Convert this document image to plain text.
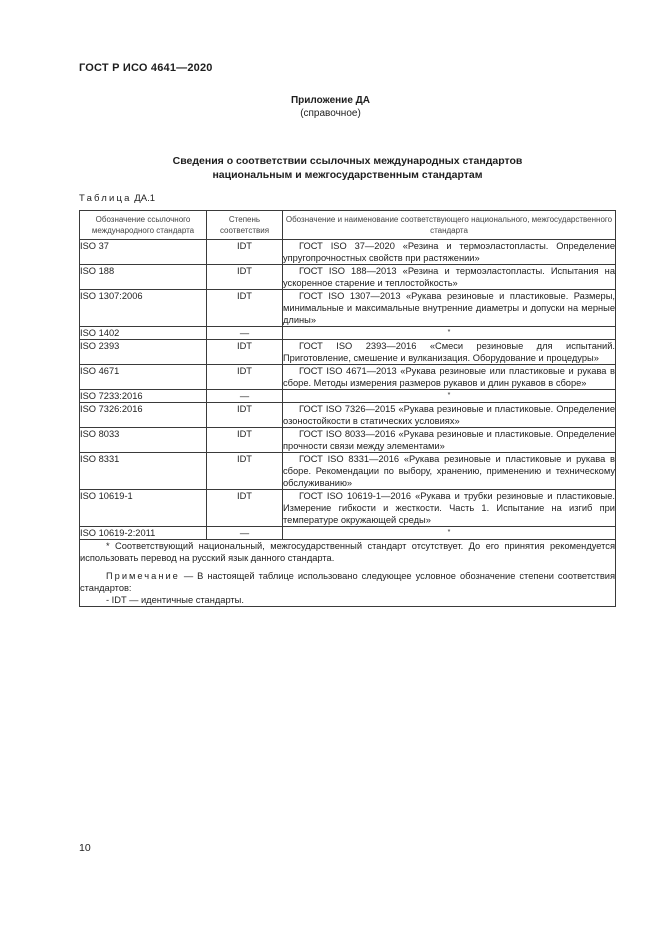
ГОСТ Р ИСО 4641—2020
Приложение ДА
(справочное)
Сведения о соответствии ссылочных международных стандартов
национальным и межгосударственным стандартам
Таблица ДА.1
Обозначение ссылочного международного стандарта	Степень соответствия	Обозначение и наименование соответствующего национального, межгосударственного стандарта
ISO 37	IDT	ГОСТ ISO 37—2020 «Резина и термоэластопласты. Определение упругопрочностных свойств при растяжении»
ISO 188	IDT	ГОСТ ISO 188—2013 «Резина и термоэластопласты. Испытания на ускоренное старение и теплостойкость»
ISO 1307:2006	IDT	ГОСТ ISO 1307—2013 «Рукава резиновые и пластиковые. Размеры, минимальные и максимальные внутренние диаметры и допуски на мерные длины»
ISO 1402	—	*
ISO 2393	IDT	ГОСТ ISO 2393—2016 «Смеси резиновые для испытаний. Приготовление, смешение и вулканизация. Оборудование и процедуры»
ISO 4671	IDT	ГОСТ ISO 4671—2013 «Рукава резиновые или пластиковые и рукава в сборе. Методы измерения размеров рукавов и длин рукавов в сборе»
ISO 7233:2016	—	*
ISO 7326:2016	IDT	ГОСТ ISO 7326—2015 «Рукава резиновые и пластиковые. Определение озоностойкости в статических условиях»
ISO 8033	IDT	ГОСТ ISO 8033—2016 «Рукава резиновые и пластиковые. Определение прочности связи между элементами»
ISO 8331	IDT	ГОСТ ISO 8331—2016 «Рукава резиновые и пластиковые и рукава в сборе. Рекомендации по выбору, хранению, применению и техническому обслуживанию»
ISO 10619-1	IDT	ГОСТ ISO 10619-1—2016 «Рукава и трубки резиновые и пластиковые. Измерение гибкости и жесткости. Часть 1. Испытание на изгиб при температуре окружающей среды»
ISO 10619-2:2011	—	*

* Соответствующий национальный, межгосударственный стандарт отсутствует. До его принятия рекомендуется использовать перевод на русский язык данного стандарта.

Примечание — В настоящей таблице использовано следующее условное обозначение степени соответствия стандартов:

- IDT — идентичные стандарты.		

10
